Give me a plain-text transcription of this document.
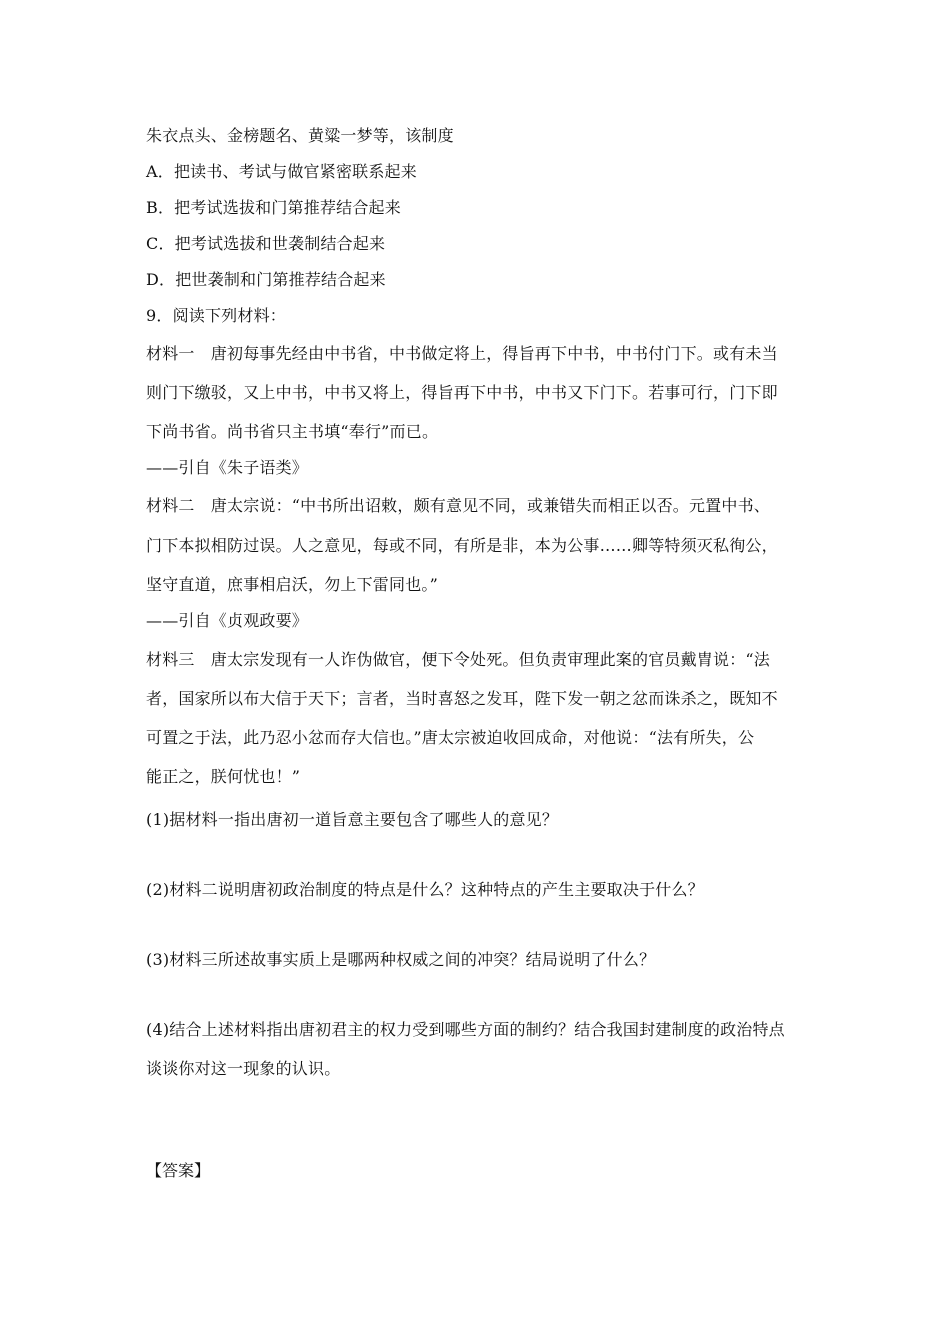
朱衣点头、金榜题名、黄粱一梦等，该制度
A．把读书、考试与做官紧密联系起来
B．把考试选拔和门第推荐结合起来
C．把考试选拔和世袭制结合起来
D．把世袭制和门第推荐结合起来
9．阅读下列材料：
材料一　唐初每事先经由中书省，中书做定将上，得旨再下中书，中书付门下。或有未当
则门下缴驳，又上中书，中书又将上，得旨再下中书，中书又下门下。若事可行，门下即
下尚书省。尚书省只主书填“奉行”而已。
——引自《朱子语类》
材料二　唐太宗说：“中书所出诏敕，颇有意见不同，或兼错失而相正以否。元置中书、
门下本拟相防过误。人之意见，每或不同，有所是非，本为公事……卿等特须灭私徇公，
坚守直道，庶事相启沃，勿上下雷同也。”
——引自《贞观政要》
材料三　唐太宗发现有一人诈伪做官，便下令处死。但负责审理此案的官员戴胄说：“法
者，国家所以布大信于天下；言者，当时喜怒之发耳，陛下发一朝之忿而诛杀之，既知不
可置之于法，此乃忍小忿而存大信也。”唐太宗被迫收回成命，对他说：“法有所失，公
能正之，朕何忧也！”
(1)据材料一指出唐初一道旨意主要包含了哪些人的意见？
(2)材料二说明唐初政治制度的特点是什么？这种特点的产生主要取决于什么？
(3)材料三所述故事实质上是哪两种权威之间的冲突？结局说明了什么？
(4)结合上述材料指出唐初君主的权力受到哪些方面的制约？结合我国封建制度的政治特点
谈谈你对这一现象的认识。
【答案】
